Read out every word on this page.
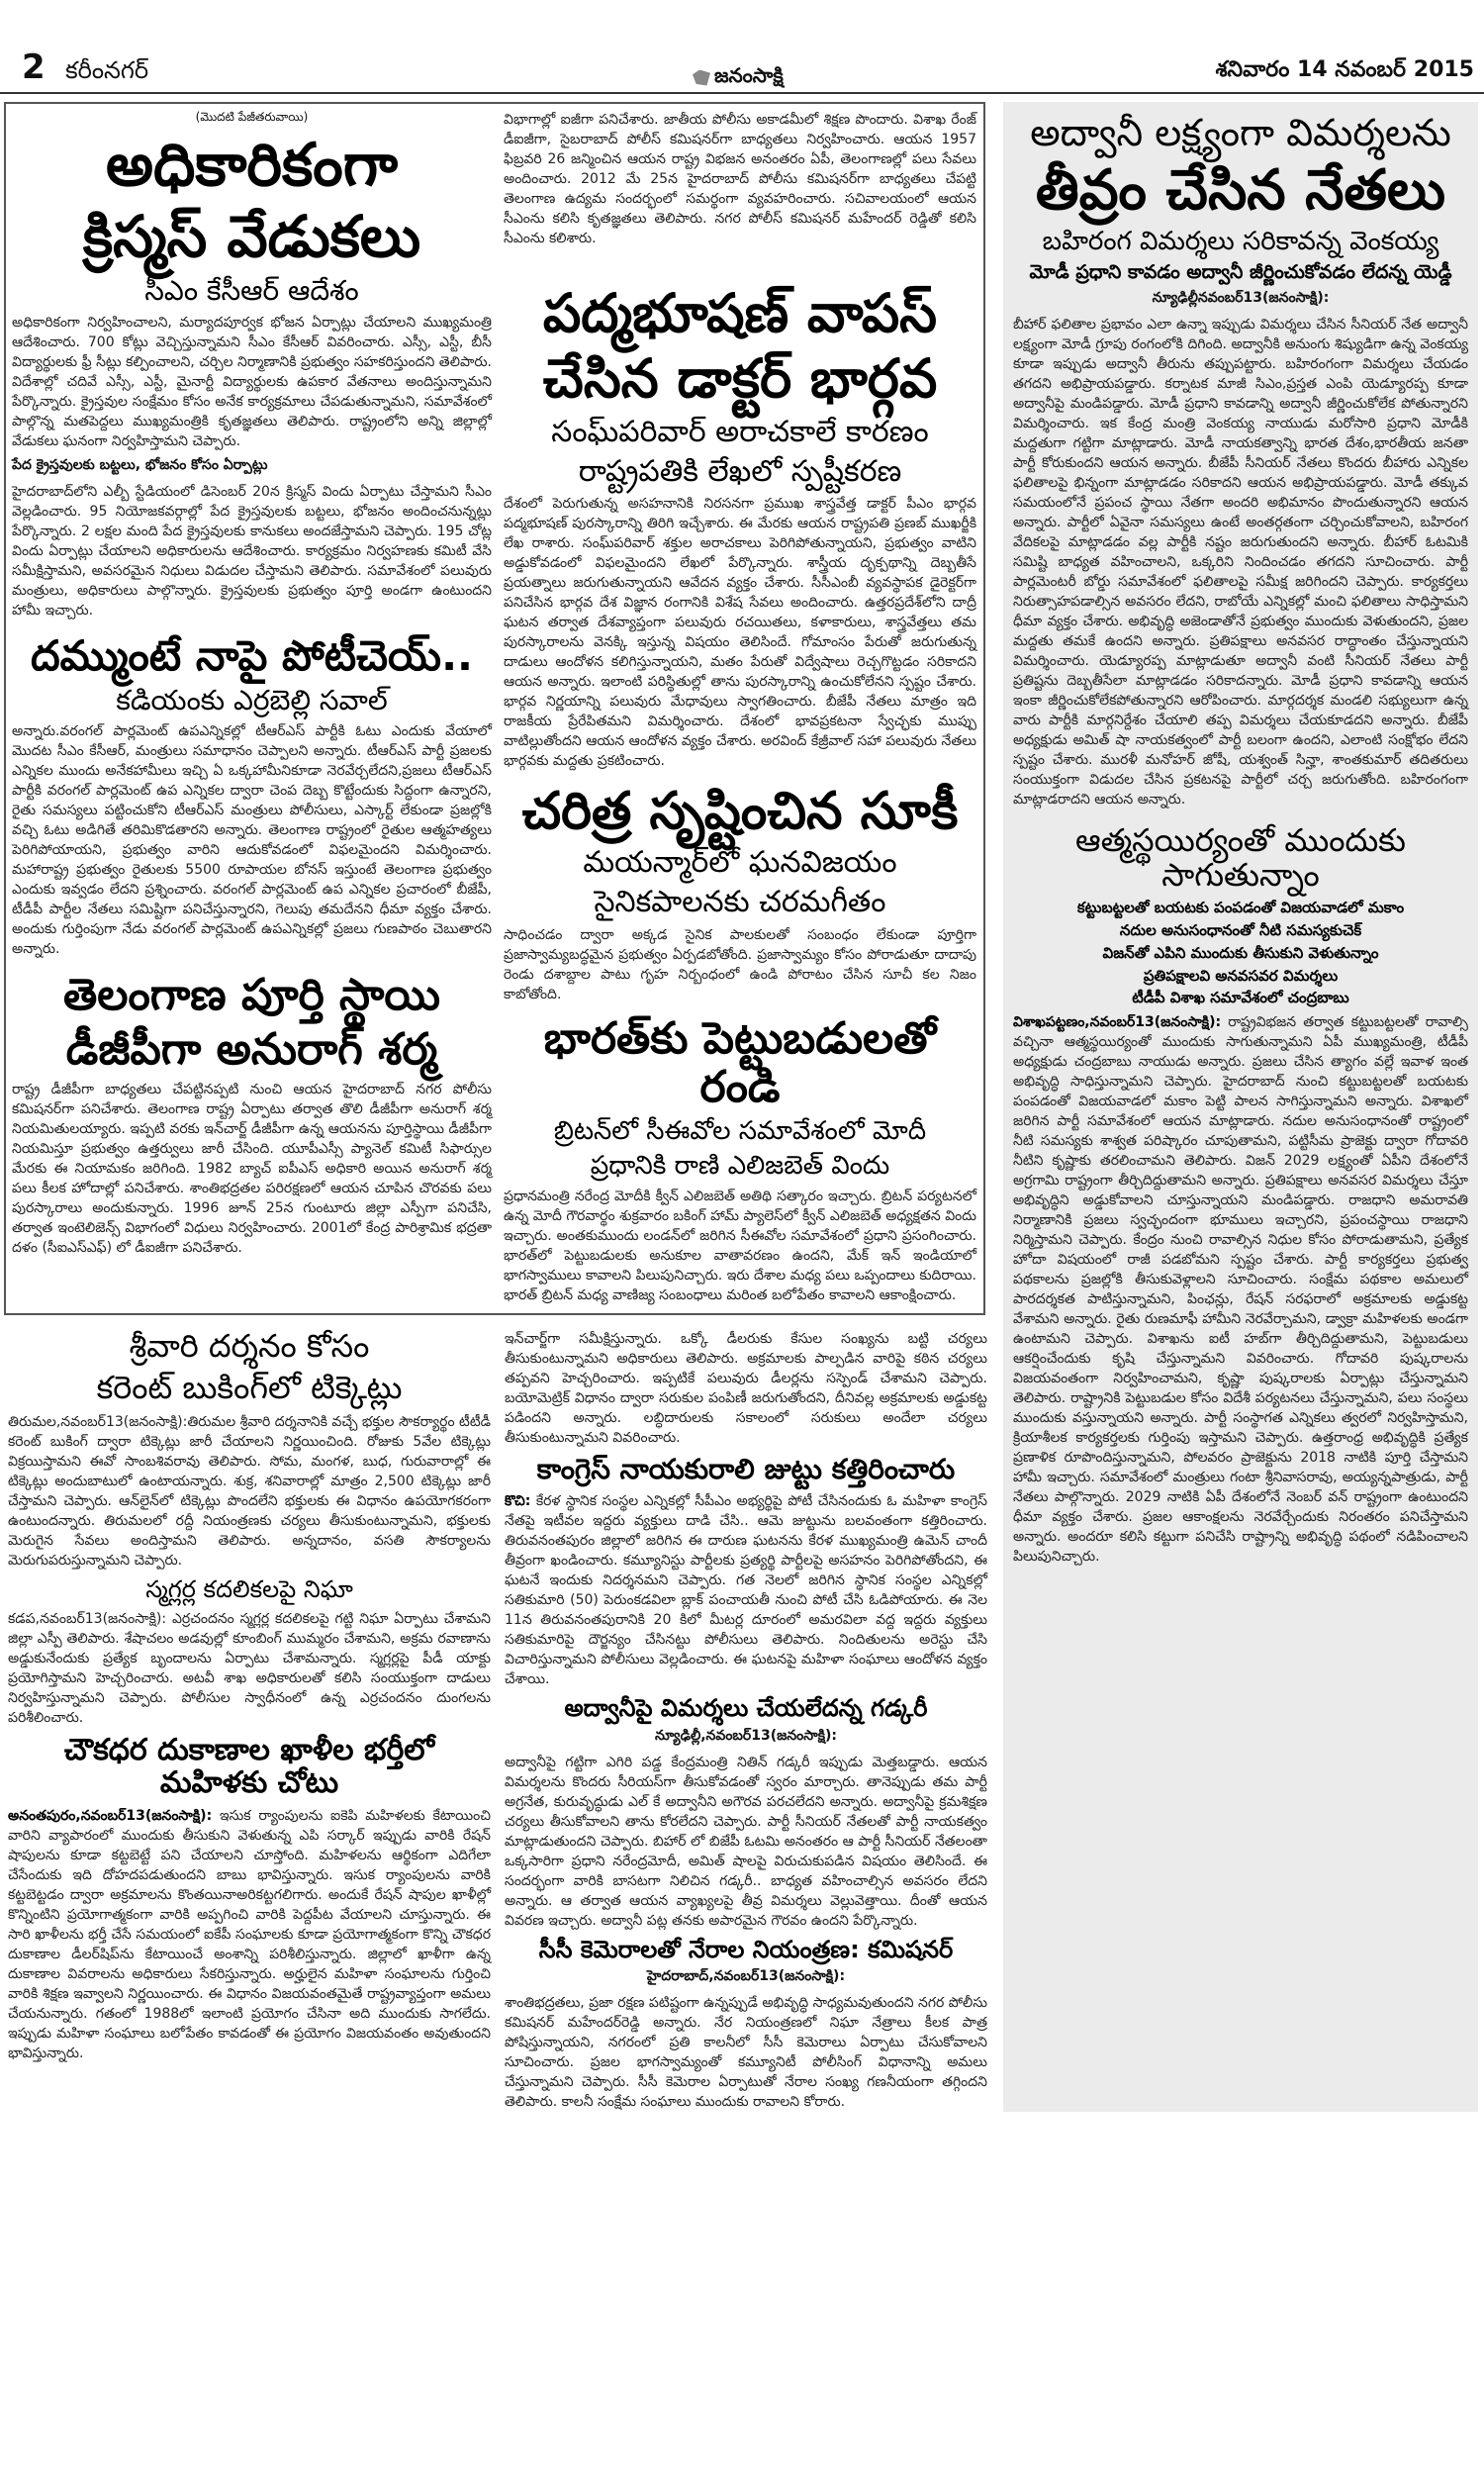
2 కరీంనగర్	జనంసాక్షి	శనివారం 14 నవంబర్ 2015
(మొదటి పేజీతరువాయి)
అధికారికంగా
క్రిస్మస్ వేడుకలు
సీఎం కేసీఆర్ ఆదేశం
అధికారికంగా నిర్వహించాలని, మర్యాదపూర్వక భోజన ఏర్పాట్లు చేయాలని ముఖ్యమంత్రి ఆదేశించారు. 700 కోట్లు వెచ్చిస్తున్నామని సీఎం కేసీఆర్ వివరించారు. ఎస్సీ, ఎస్టీ, బీసీ విద్యార్థులకు ఫ్రీ సీట్లు కల్పించాలని, చర్చిల నిర్మాణానికి ప్రభుత్వం సహకరిస్తుందని తెలిపారు. విదేశాల్లో చదివే ఎస్సీ, ఎస్టీ, మైనార్టీ విద్యార్థులకు ఉపకార వేతనాలు అందిస్తున్నామని పేర్కొన్నారు. క్రైస్తవుల సంక్షేమం కోసం అనేక కార్యక్రమాలు చేపడుతున్నామని, సమావేశంలో పాల్గొన్న మతపెద్దలు ముఖ్యమంత్రికి కృతజ్ఞతలు తెలిపారు. రాష్ట్రంలోని అన్ని జిల్లాల్లో వేడుకలు ఘనంగా నిర్వహిస్తామని చెప్పారు.
పేద క్రైస్తవులకు బట్టలు, భోజనం కోసం ఏర్పాట్లు
హైదరాబాద్‌లోని ఎల్బీ స్టేడియంలో డిసెంబర్ 20న క్రిస్మస్ విందు ఏర్పాటు చేస్తామని సీఎం వెల్లడించారు. 95 నియోజకవర్గాల్లో పేద క్రైస్తవులకు బట్టలు, భోజనం అందించనున్నట్లు పేర్కొన్నారు. 2 లక్షల మంది పేద క్రైస్తవులకు కానుకలు అందజేస్తామని చెప్పారు. 195 చోట్ల విందు ఏర్పాట్లు చేయాలని అధికారులను ఆదేశించారు. కార్యక్రమం నిర్వహణకు కమిటీ వేసి సమీక్షిస్తామని, అవసరమైన నిధులు విడుదల చేస్తామని తెలిపారు. సమావేశంలో పలువురు మంత్రులు, అధికారులు పాల్గొన్నారు. క్రైస్తవులకు ప్రభుత్వం పూర్తి అండగా ఉంటుందని హామీ ఇచ్చారు.
దమ్ముంటే నాపై పోటీచెయ్..
కడియంకు ఎర్రబెల్లి సవాల్
అన్నారు.వరంగల్ పార్లమెంట్ ఉపఎన్నికల్లో టీఆర్ఎస్ పార్టీకి ఓటు ఎందుకు వేయాలో మొదట సీఎం కేసీఆర్, మంత్రులు సమాధానం చెప్పాలని అన్నారు. టీఆర్ఎస్ పార్టీ ప్రజలకు ఎన్నికల ముందు అనేకహామీలు ఇచ్చి ఏ ఒక్కహామీనికూడా నెరవేర్చలేదని,ప్రజలు టీఆర్ఎస్ పార్టీకి వరంగల్ పార్లమెంట్ ఉప ఎన్నికల ద్వారా చెంప దెబ్బ కొట్టేందుకు సిద్ధంగా ఉన్నారని, రైతు సమస్యలు పట్టించుకోని టీఆర్ఎస్ మంత్రులు పోలీసులు, ఎస్కార్ట్ లేకుండా ప్రజల్లోకి వచ్చి ఓటు అడిగితే తరిమికొడతారని అన్నారు. తెలంగాణ రాష్ట్రంలో రైతుల ఆత్మహత్యలు పెరిగిపోయాయని, ప్రభుత్వం వారిని ఆదుకోవడంలో విఫలమైందని విమర్శించారు. మహారాష్ట్ర ప్రభుత్వం రైతులకు 5500 రూపాయల బోనస్ ఇస్తుంటే తెలంగాణ ప్రభుత్వం ఎందుకు ఇవ్వడం లేదని ప్రశ్నించారు. వరంగల్ పార్లమెంట్ ఉప ఎన్నికల ప్రచారంలో బీజేపీ, టీడీపీ పార్టీల నేతలు సమిష్టిగా పనిచేస్తున్నారని, గెలుపు తమదేనని ధీమా వ్యక్తం చేశారు. అందుకు గుర్తింపుగా నేడు వరంగల్ పార్లమెంట్ ఉపఎన్నికల్లో ప్రజలు గుణపాఠం చెబుతారని అన్నారు.
తెలంగాణ పూర్తి స్థాయి
డీజీపీగా అనురాగ్ శర్మ
రాష్ట్ర డీజీపీగా బాధ్యతలు చేపట్టినప్పటి నుంచి ఆయన హైదరాబాద్ నగర పోలీసు కమిషనర్‌గా పనిచేశారు. తెలంగాణ రాష్ట్ర ఏర్పాటు తర్వాత తొలి డీజీపీగా అనురాగ్ శర్మ నియమితులయ్యారు. ఇప్పటి వరకు ఇన్‌చార్జ్ డీజీపీగా ఉన్న ఆయనను పూర్తిస్థాయి డీజీపీగా నియమిస్తూ ప్రభుత్వం ఉత్తర్వులు జారీ చేసింది. యూపీఎస్సీ ప్యానెల్ కమిటీ సిఫార్సుల మేరకు ఈ నియామకం జరిగింది. 1982 బ్యాచ్ ఐపీఎస్ అధికారి అయిన అనురాగ్ శర్మ పలు కీలక హోదాల్లో పనిచేశారు. శాంతిభద్రతల పరిరక్షణలో ఆయన చూపిన చొరవకు పలు పురస్కారాలు అందుకున్నారు. 1996 జూన్ 25న గుంటూరు జిల్లా ఎస్పీగా పనిచేసి, తర్వాత ఇంటెలిజెన్స్ విభాగంలో విధులు నిర్వహించారు. 2001లో కేంద్ర పారిశ్రామిక భద్రతా దళం (సీఐఎస్ఎఫ్) లో డీఐజీగా పనిచేశారు.
విభాగాల్లో ఐజీగా పనిచేశారు. జాతీయ పోలీసు అకాడమీలో శిక్షణ పొందారు. విశాఖ రేంజ్ డీఐజీగా, సైబరాబాద్ పోలీస్ కమిషనర్‌గా బాధ్యతలు నిర్వహించారు. ఆయన 1957 ఫిబ్రవరి 26 జన్మించిన ఆయన రాష్ట్ర విభజన అనంతరం ఏపీ, తెలంగాణల్లో పలు సేవలు అందించారు. 2012 మే 25న హైదరాబాద్ పోలీసు కమిషనర్‌గా బాధ్యతలు చేపట్టి తెలంగాణ ఉద్యమ సందర్భంలో సమర్థంగా వ్యవహరించారు. సచివాలయంలో ఆయన సీఎంను కలిసి కృతజ్ఞతలు తెలిపారు. నగర పోలీస్ కమిషనర్ మహేందర్ రెడ్డితో కలిసి సీఎంను కలిశారు.
పద్మభూషణ్ వాపస్
చేసిన డాక్టర్ భార్గవ
సంఘ్‌పరివార్ అరాచకాలే కారణం
రాష్ట్రపతికి లేఖలో స్పష్టీకరణ
దేశంలో పెరుగుతున్న అసహనానికి నిరసనగా ప్రముఖ శాస్త్రవేత్త డాక్టర్ పీఎం భార్గవ పద్మభూషణ్ పురస్కారాన్ని తిరిగి ఇచ్చేశారు. ఈ మేరకు ఆయన రాష్ట్రపతి ప్రణబ్ ముఖర్జీకి లేఖ రాశారు. సంఘ్‌పరివార్ శక్తుల అరాచకాలు పెరిగిపోతున్నాయని, ప్రభుత్వం వాటిని అడ్డుకోవడంలో విఫలమైందని లేఖలో పేర్కొన్నారు. శాస్త్రీయ దృక్పథాన్ని దెబ్బతీసే ప్రయత్నాలు జరుగుతున్నాయని ఆవేదన వ్యక్తం చేశారు. సీసీఎంబీ వ్యవస్థాపక డైరెక్టర్‌గా పనిచేసిన భార్గవ దేశ విజ్ఞాన రంగానికి విశేష సేవలు అందించారు. ఉత్తరప్రదేశ్‌లోని దాద్రీ ఘటన తర్వాత దేశవ్యాప్తంగా పలువురు రచయితలు, కళాకారులు, శాస్త్రవేత్తలు తమ పురస్కారాలను వెనక్కి ఇస్తున్న విషయం తెలిసిందే. గోమాంసం పేరుతో జరుగుతున్న దాడులు ఆందోళన కలిగిస్తున్నాయని, మతం పేరుతో విద్వేషాలు రెచ్చగొట్టడం సరికాదని ఆయన అన్నారు. ఇలాంటి పరిస్థితుల్లో తాను పురస్కారాన్ని ఉంచుకోలేనని స్పష్టం చేశారు. భార్గవ నిర్ణయాన్ని పలువురు మేధావులు స్వాగతించారు. బీజేపీ నేతలు మాత్రం ఇది రాజకీయ ప్రేరేపితమని విమర్శించారు. దేశంలో భావప్రకటనా స్వేచ్ఛకు ముప్పు వాటిల్లుతోందని ఆయన ఆందోళన వ్యక్తం చేశారు. అరవింద్ కేజ్రీవాల్ సహా పలువురు నేతలు భార్గవకు మద్దతు ప్రకటించారు.
చరిత్ర సృష్టించిన సూకీ
మయన్మార్‌లో ఘనవిజయం
సైనికపాలనకు చరమగీతం
సాధించడం ద్వారా అక్కడ సైనిక పాలకులతో సంబంధం లేకుండా పూర్తిగా ప్రజాస్వామ్యబద్ధమైన ప్రభుత్వం ఏర్పడబోతోంది. ప్రజాస్వామ్యం కోసం పోరాడుతూ దాదాపు రెండు దశాబ్దాల పాటు గృహ నిర్బంధంలో ఉండి పోరాటం చేసిన సూచీ కల నిజం కాబోతోంది.
భారత్‌కు పెట్టుబడులతో రండి
బ్రిటన్‌లో సీఈవోల సమావేశంలో మోదీ
ప్రధానికి రాణి ఎలిజబెత్ విందు
ప్రధానమంత్రి నరేంద్ర మోదీకి క్వీన్ ఎలిజబెత్ అతిథి సత్కారం ఇచ్చారు. బ్రిటన్ పర్యటనలో ఉన్న మోదీ గౌరవార్థం శుక్రవారం బకింగ్ హామ్ ప్యాలెస్‌లో క్వీన్ ఎలిజబెత్ అధ్యక్షతన విందు ఇచ్చారు. అంతకుముందు లండన్‌లో జరిగిన సీఈవోల సమావేశంలో ప్రధాని ప్రసంగించారు. భారత్‌లో పెట్టుబడులకు అనుకూల వాతావరణం ఉందని, మేక్ ఇన్ ఇండియాలో భాగస్వాములు కావాలని పిలుపునిచ్చారు. ఇరు దేశాల మధ్య పలు ఒప్పందాలు కుదిరాయి. భారత్ బ్రిటన్ మధ్య వాణిజ్య సంబంధాలు మరింత బలోపేతం కావాలని ఆకాంక్షించారు.
శ్రీవారి దర్శనం కోసం
కరెంట్ బుకింగ్‌లో టిక్కెట్లు
తిరుమల,నవంబర్13(జనంసాక్షి):తిరుమల శ్రీవారి దర్శనానికి వచ్చే భక్తుల సౌకర్యార్థం టీటీడీ కరెంట్ బుకింగ్ ద్వారా టిక్కెట్లు జారీ చేయాలని నిర్ణయించింది. రోజుకు 5వేల టిక్కెట్లు విక్రయిస్తామని ఈవో సాంబశివరావు తెలిపారు. సోమ, మంగళ, బుధ, గురువారాల్లో ఈ టిక్కెట్లు అందుబాటులో ఉంటాయన్నారు. శుక్ర, శనివారాల్లో మాత్రం 2,500 టిక్కెట్లు జారీ చేస్తామని చెప్పారు. ఆన్‌లైన్‌లో టిక్కెట్లు పొందలేని భక్తులకు ఈ విధానం ఉపయోగకరంగా ఉంటుందన్నారు. తిరుమలలో రద్దీ నియంత్రణకు చర్యలు తీసుకుంటున్నామని, భక్తులకు మెరుగైన సేవలు అందిస్తామని తెలిపారు. అన్నదానం, వసతి సౌకర్యాలను మెరుగుపరుస్తున్నామని చెప్పారు.
స్మగ్లర్ల కదలికలపై నిఘా
కడప,నవంబర్13(జనంసాక్షి): ఎర్రచందనం స్మగ్లర్ల కదలికలపై గట్టి నిఘా ఏర్పాటు చేశామని జిల్లా ఎస్పీ తెలిపారు. శేషాచలం అడవుల్లో కూంబింగ్ ముమ్మరం చేశామని, అక్రమ రవాణాను అడ్డుకునేందుకు ప్రత్యేక బృందాలను ఏర్పాటు చేశామన్నారు. స్మగ్లర్లపై పీడీ యాక్టు ప్రయోగిస్తామని హెచ్చరించారు. అటవీ శాఖ అధికారులతో కలిసి సంయుక్తంగా దాడులు నిర్వహిస్తున్నామని చెప్పారు. పోలీసుల స్వాధీనంలో ఉన్న ఎర్రచందనం దుంగలను పరిశీలించారు.
చౌకధర దుకాణాల ఖాళీల భర్తీలో మహిళకు చోటు
అనంతపురం,నవంబర్13(జనంసాక్షి): ఇసుక ర్యాంపులను ఐకెపి మహిళలకు కేటాయించి వారిని వ్యాపారంలో ముందుకు తీసుకుని వెళుతున్న ఎపి సర్కార్ ఇప్పుడు వారికి రేషన్ షాపులను కూడా కట్టబెట్టే పని చేయాలని చూస్తోంది. మహిళలను ఆర్థికంగా ఎదిగేలా చేసేందుకు ఇది దోహదపడుతుందని బాబు భావిస్తున్నారు. ఇసుక ర్యాంపులను వారికి కట్టబెట్టడం ద్వారా అక్రమాలను కొంతయినాఅరికట్టగలిగారు. అందుకే రేషన్ షాపుల ఖాళీల్లో కొన్నింటిని ప్రయోగాత్మకంగా వారికి అప్పగించి వారికి పెద్దపీట వేయాలని చూస్తున్నారు. ఈ సారి ఖాళీలను భర్తీ చేసే సమయంలో ఐకేపీ సంఘాలకు కూడా ప్రయోగాత్మకంగా కొన్ని చౌకధర దుకాణాల డీలర్‌షిప్‌ను కేటాయించే అంశాన్ని పరిశీలిస్తున్నారు. జిల్లాలో ఖాళీగా ఉన్న దుకాణాల వివరాలను అధికారులు సేకరిస్తున్నారు. అర్హులైన మహిళా సంఘాలను గుర్తించి వారికి శిక్షణ ఇవ్వాలని నిర్ణయించారు. ఈ విధానం విజయవంతమైతే రాష్ట్రవ్యాప్తంగా అమలు చేయనున్నారు. గతంలో 1988లో ఇలాంటి ప్రయోగం చేసినా అది ముందుకు సాగలేదు. ఇప్పుడు మహిళా సంఘాలు బలోపేతం కావడంతో ఈ ప్రయోగం విజయవంతం అవుతుందని భావిస్తున్నారు.
ఇన్‌చార్జ్‌గా సమీక్షిస్తున్నారు. ఒక్కో డీలరుకు కేసుల సంఖ్యను బట్టి చర్యలు తీసుకుంటున్నామని అధికారులు తెలిపారు. అక్రమాలకు పాల్పడిన వారిపై కఠిన చర్యలు తప్పవని హెచ్చరించారు. ఇప్పటికే పలువురు డీలర్లను సస్పెండ్ చేశామని చెప్పారు. బయోమెట్రిక్ విధానం ద్వారా సరుకుల పంపిణీ జరుగుతోందని, దీనివల్ల అక్రమాలకు అడ్డుకట్ట పడిందని అన్నారు. లబ్ధిదారులకు సకాలంలో సరుకులు అందేలా చర్యలు తీసుకుంటున్నామని వివరించారు.
కాంగ్రెస్ నాయకురాలి జుట్టు కత్తిరించారు
కొచి: కేరళ స్థానిక సంస్థల ఎన్నికల్లో సీపీఎం అభ్యర్థిపై పోటీ చేసినందుకు ఓ మహిళా కాంగ్రెస్ నేతపై ఇటీవల ఇద్దరు వ్యక్తులు దాడి చేసి.. ఆమె జుట్టును బలవంతంగా కత్తిరించారు. తిరువనంతపురం జిల్లాలో జరిగిన ఈ దారుణ ఘటనను కేరళ ముఖ్యమంత్రి ఉమెన్ చాందీ తీవ్రంగా ఖండించారు. కమ్యూనిస్టు పార్టీలకు ప్రత్యర్థి పార్టీలపై అసహనం పెరిగిపోతోందని, ఈ ఘటనే ఇందుకు నిదర్శనమని చెప్పారు. గత నెలలో జరిగిన స్థానిక సంస్థల ఎన్నికల్లో సతికుమారి (50) పెరుంకడవిలా బ్లాక్ పంచాయతీ నుంచి పోటీ చేసి ఓడిపోయారు. ఈ నెల 11న తిరువనంతపురానికి 20 కిలో మీటర్ల దూరంలో అమరవిలా వద్ద ఇద్దరు వ్యక్తులు సతికుమారిపై దౌర్జన్యం చేసినట్టు పోలీసులు తెలిపారు. నిందితులను అరెస్టు చేసి విచారిస్తున్నామని పోలీసులు వెల్లడించారు. ఈ ఘటనపై మహిళా సంఘాలు ఆందోళన వ్యక్తం చేశాయి.
అద్వానీపై విమర్శలు చేయలేదన్న గడ్కరీ
న్యూఢిల్లీ,నవంబర్13(జనంసాక్షి):
అద్వానీపై గట్టిగా ఎగిరి పడ్డ కేంద్రమంత్రి నితిన్ గడ్కరీ ఇప్పుడు మెత్తబడ్డారు. ఆయన విమర్శలను కొందరు సీరియస్‌గా తీసుకోవడంతో స్వరం మార్చారు. తానెప్పుడు తమ పార్టీ అగ్రనేత, కురువృద్ధుడు ఎల్ కే అద్వానీని అగౌరవ పరచలేదని అన్నారు. అద్వానీపై క్రమశిక్షణ చర్యలు తీసుకోవాలని తాను కోరలేదని చెప్పారు. పార్టీ సీనియర్ నేతలతో పార్టీ నాయకత్వం మాట్లాడుతుందని చెప్పారు. బిహార్ లో బిజేపీ ఓటమి అనంతరం ఆ పార్టీ సీనియర్ నేతలంతా ఒక్కసారిగా ప్రధాని నరేంద్రమోదీ, అమిత్ షాలపై విరుచుకుపడిన విషయం తెలిసిందే. ఈ సందర్భంగా వారికి బాసటగా నిలిచిన గడ్కరీ.. బాధ్యత వహించాల్సిన అవసరం లేదని అన్నారు. ఆ తర్వాత ఆయన వ్యాఖ్యలపై తీవ్ర విమర్శలు వెల్లువెత్తాయి. దీంతో ఆయన వివరణ ఇచ్చారు. అద్వానీ పట్ల తనకు అపారమైన గౌరవం ఉందని పేర్కొన్నారు.
సీసీ కెమెరాలతో నేరాల నియంత్రణ: కమిషనర్
హైదరాబాద్,నవంబర్13(జనంసాక్షి):
శాంతిభద్రతలు, ప్రజా రక్షణ పటిష్టంగా ఉన్నప్పుడే అభివృద్ధి సాధ్యమవుతుందని నగర పోలీసు కమిషనర్ మహేందర్‌రెడ్డి అన్నారు. నేర నియంత్రణలో నిఘా నేత్రాలు కీలక పాత్ర పోషిస్తున్నాయని, నగరంలో ప్రతి కాలనీలో సీసీ కెమెరాలు ఏర్పాటు చేసుకోవాలని సూచించారు. ప్రజల భాగస్వామ్యంతో కమ్యూనిటీ పోలీసింగ్ విధానాన్ని అమలు చేస్తున్నామని చెప్పారు. సీసీ కెమెరాల ఏర్పాటుతో నేరాల సంఖ్య గణనీయంగా తగ్గిందని తెలిపారు. కాలనీ సంక్షేమ సంఘాలు ముందుకు రావాలని కోరారు.
అద్వానీ లక్ష్యంగా విమర్శలను
తీవ్రం చేసిన నేతలు
బహిరంగ విమర్శలు సరికావన్న వెంకయ్య
మోడీ ప్రధాని కావడం అద్వానీ జీర్ణించుకోవడం లేదన్న యెడ్డీ
న్యూఢిల్లీనవంబర్13(జనంసాక్షి):
బీహార్ ఫలితాల ప్రభావం ఎలా ఉన్నా ఇప్పుడు విమర్శలు చేసిన సీనియర్ నేత అద్వానీ లక్ష్యంగా మోడీ గ్రూపు రంగంలోకి దిగింది. అద్వానీకి అనుంగు శిష్యుడిగా ఉన్న వెంకయ్య కూడా ఇప్పుడు అద్వానీ తీరును తప్పుపట్టారు. బహిరంగంగా విమర్శలు చేయడం తగదని అభిప్రాయపడ్డారు. కర్నాటక మాజీ సిఎం,ప్రస్తత ఎంపి యెడ్యూరప్ప కూడా అద్వానీపై మండిపడ్డారు. మోడీ ప్రధాని కావడాన్ని అద్వానీ జీర్ణించుకోలేక పోతున్నారని విమర్శించారు. ఇక కేంద్ర మంత్రి వెంకయ్య నాయుడు మరోసారి ప్రధాని మోడీకి మద్దతుగా గట్టిగా మాట్లాడారు. మోడీ నాయకత్వాన్ని భారత దేశం,భారతీయ జనతా పార్టీ కోరుకుందని ఆయన అన్నారు. బీజేపీ సీనియర్ నేతలు కొందరు బీహారు ఎన్నికల ఫలితాలపై భిన్నంగా మాట్లాడడం సరికాదని ఆయన అభిప్రాయపడ్డారు. మోడీ తక్కువ సమయంలోనే ప్రపంచ స్థాయి నేతగా అందరి అభిమానం పొందుతున్నారని ఆయన అన్నారు. పార్టీలో ఏవైనా సమస్యలు ఉంటే అంతర్గతంగా చర్చించుకోవాలని, బహిరంగ వేదికలపై మాట్లాడడం వల్ల పార్టీకి నష్టం జరుగుతుందని అన్నారు. బీహార్ ఓటమికి సమిష్టి బాధ్యత వహించాలని, ఒక్కరిని నిందించడం తగదని సూచించారు. పార్టీ పార్లమెంటరీ బోర్డు సమావేశంలో ఫలితాలపై సమీక్ష జరిగిందని చెప్పారు. కార్యకర్తలు నిరుత్సాహపడాల్సిన అవసరం లేదని, రాబోయే ఎన్నికల్లో మంచి ఫలితాలు సాధిస్తామని ధీమా వ్యక్తం చేశారు. అభివృద్ధి అజెండాతోనే ప్రభుత్వం ముందుకు వెళుతుందని, ప్రజల మద్దతు తమకే ఉందని అన్నారు. ప్రతిపక్షాలు అనవసర రాద్ధాంతం చేస్తున్నాయని విమర్శించారు. యెడ్యూరప్ప మాట్లాడుతూ అద్వానీ వంటి సీనియర్ నేతలు పార్టీ ప్రతిష్టను దెబ్బతీసేలా మాట్లాడడం సరికాదన్నారు. మోడీ ప్రధాని కావడాన్ని ఆయన ఇంకా జీర్ణించుకోలేకపోతున్నారని ఆరోపించారు. మార్గదర్శక మండలి సభ్యులుగా ఉన్న వారు పార్టీకి మార్గనిర్దేశం చేయాలి తప్ప విమర్శలు చేయకూడదని అన్నారు. బీజేపీ అధ్యక్షుడు అమిత్ షా నాయకత్వంలో పార్టీ బలంగా ఉందని, ఎలాంటి సంక్షోభం లేదని స్పష్టం చేశారు. మురళీ మనోహర్ జోషీ, యశ్వంత్ సిన్హా, శాంతకుమార్ తదితరులు సంయుక్తంగా విడుదల చేసిన ప్రకటనపై పార్టీలో చర్చ జరుగుతోంది. బహిరంగంగా మాట్లాడరాదని ఆయన అన్నారు.
ఆత్మస్థయిర్యంతో ముందుకు సాగుతున్నాం
కట్టుబట్టలతో బయటకు పంపడంతో విజయవాడలో మకాం
నదుల అనుసంధానంతో నీటి సమస్యకుచెక్
విజన్‌తో ఎపిని ముందుకు తీసుకుని వెళుతున్నాం
ప్రతిపక్షాలవి అనవసవర విమర్శలు
టీడీపీ విశాఖ సమావేశంలో చంద్రబాబు
విశాఖపట్టణం,నవంబర్13(జనంసాక్షి): రాష్ట్రవిభజన తర్వాత కట్టుబట్టలతో రావాల్సి వచ్చినా ఆత్మస్థయిర్యంతో ముందుకు సాగుతున్నామని ఏపీ ముఖ్యమంత్రి, టీడీపీ అధ్యక్షుడు చంద్రబాబు నాయుడు అన్నారు. ప్రజలు చేసిన త్యాగం వల్లే ఇవాళ ఇంత అభివృద్ధి సాధిస్తున్నామని చెప్పారు. హైదరాబాద్ నుంచి కట్టుబట్టలతో బయటకు పంపడంతో విజయవాడలో మకాం పెట్టి పాలన సాగిస్తున్నామని అన్నారు. విశాఖలో జరిగిన పార్టీ సమావేశంలో ఆయన మాట్లాడారు. నదుల అనుసంధానంతో రాష్ట్రంలో నీటి సమస్యకు శాశ్వత పరిష్కారం చూపుతామని, పట్టిసీమ ప్రాజెక్టు ద్వారా గోదావరి నీటిని కృష్ణాకు తరలించామని తెలిపారు. విజన్ 2029 లక్ష్యంతో ఏపీని దేశంలోనే అగ్రగామి రాష్ట్రంగా తీర్చిదిద్దుతామని అన్నారు. ప్రతిపక్షాలు అనవసర విమర్శలు చేస్తూ అభివృద్ధిని అడ్డుకోవాలని చూస్తున్నాయని మండిపడ్డారు. రాజధాని అమరావతి నిర్మాణానికి ప్రజలు స్వచ్ఛందంగా భూములు ఇచ్చారని, ప్రపంచస్థాయి రాజధాని నిర్మిస్తామని చెప్పారు. కేంద్రం నుంచి రావాల్సిన నిధుల కోసం పోరాడుతామని, ప్రత్యేక హోదా విషయంలో రాజీ పడబోమని స్పష్టం చేశారు. పార్టీ కార్యకర్తలు ప్రభుత్వ పథకాలను ప్రజల్లోకి తీసుకువెళ్లాలని సూచించారు. సంక్షేమ పథకాల అమలులో పారదర్శకత పాటిస్తున్నామని, పింఛన్లు, రేషన్ సరఫరాలో అక్రమాలకు అడ్డుకట్ట వేశామని అన్నారు. రైతు రుణమాఫీ హామీని నెరవేర్చామని, డ్వాక్రా మహిళలకు అండగా ఉంటామని చెప్పారు. విశాఖను ఐటీ హబ్‌గా తీర్చిదిద్దుతామని, పెట్టుబడులు ఆకర్షించేందుకు కృషి చేస్తున్నామని వివరించారు. గోదావరి పుష్కరాలను విజయవంతంగా నిర్వహించామని, కృష్ణా పుష్కరాలకు ఏర్పాట్లు చేస్తున్నామని తెలిపారు. రాష్ట్రానికి పెట్టుబడుల కోసం విదేశీ పర్యటనలు చేస్తున్నామని, పలు సంస్థలు ముందుకు వస్తున్నాయని అన్నారు. పార్టీ సంస్థాగత ఎన్నికలు త్వరలో నిర్వహిస్తామని, క్రియాశీలక కార్యకర్తలకు గుర్తింపు ఇస్తామని చెప్పారు. ఉత్తరాంధ్ర అభివృద్ధికి ప్రత్యేక ప్రణాళిక రూపొందిస్తున్నామని, పోలవరం ప్రాజెక్టును 2018 నాటికి పూర్తి చేస్తామని హామీ ఇచ్చారు. సమావేశంలో మంత్రులు గంటా శ్రీనివాసరావు, అయ్యన్నపాత్రుడు, పార్టీ నేతలు పాల్గొన్నారు. 2029 నాటికి ఏపీ దేశంలోనే నెంబర్ వన్ రాష్ట్రంగా ఉంటుందని ధీమా వ్యక్తం చేశారు. ప్రజల ఆకాంక్షలను నెరవేర్చేందుకు నిరంతరం పనిచేస్తామని అన్నారు. అందరూ కలిసి కట్టుగా పనిచేసి రాష్ట్రాన్ని అభివృద్ధి పథంలో నడిపించాలని పిలుపునిచ్చారు.
